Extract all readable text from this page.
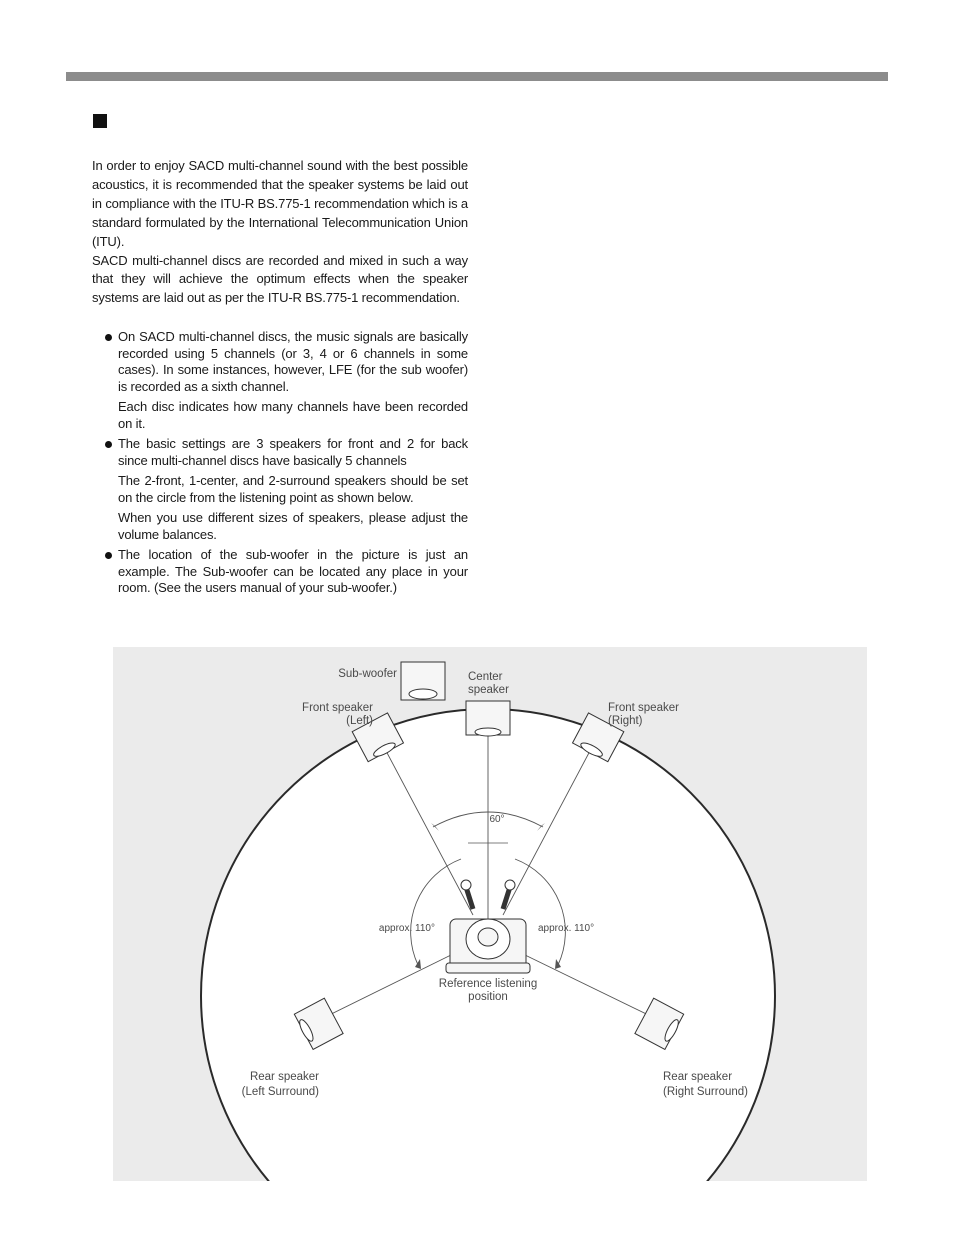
In order to enjoy SACD multi-channel sound with the best possible acoustics, it is recommended that the speaker systems be laid out in compliance with the ITU-R BS.775-1 recommendation which is a standard formulated by the International Telecommunication Union (ITU).

SACD multi-channel discs are recorded and mixed in such a way that they will achieve the optimum effects when the speaker systems are laid out as per the ITU-R BS.775-1 recommendation.

On SACD multi-channel discs, the music signals are basically recorded using 5 channels (or 3, 4 or 6 channels in some cases). In some instances, however, LFE (for the sub woofer) is recorded as a sixth channel.

Each disc indicates how many channels have been recorded on it.

The basic settings are 3 speakers for front and 2 for back since multi-channel discs have basically 5 channels

The 2-front, 1-center, and 2-surround speakers should be set on the circle from the listening point as shown below.

When you use different sizes of speakers, please adjust the volume balances.

The location of the sub-woofer in the picture is just an example. The Sub-woofer can be located any place in your room. (See the users manual of your sub-woofer.)

Sub-woofer	Center
speaker
Front speaker
(Left)
Front speaker
(Right)
60°
approx. 110°	approx. 110°
Reference listening
position
Rear speaker
(Left Surround)
Rear speaker
(Right Surround)
